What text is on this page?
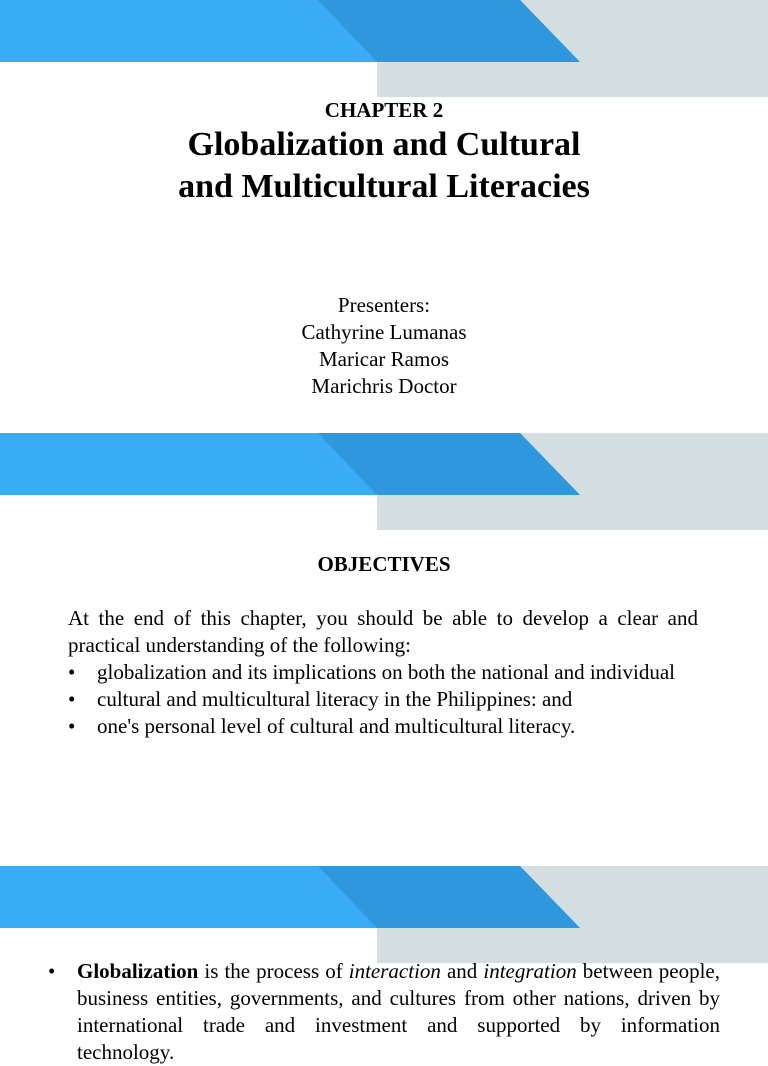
CHAPTER 2
Globalization and Cultural
and Multicultural Literacies
Presenters:
Cathyrine Lumanas
Maricar Ramos
Marichris Doctor
OBJECTIVES

At the end of this chapter, you should be able to develop a clear and practical understanding of the following:

• globalization and its implications on both the national and individual
• cultural and multicultural literacy in the Philippines: and
• one's personal level of cultural and multicultural literacy.
• Globalization is the process of interaction and integration between people, business entities, governments, and cultures from other nations, driven by international trade and investment and supported by information technology.
